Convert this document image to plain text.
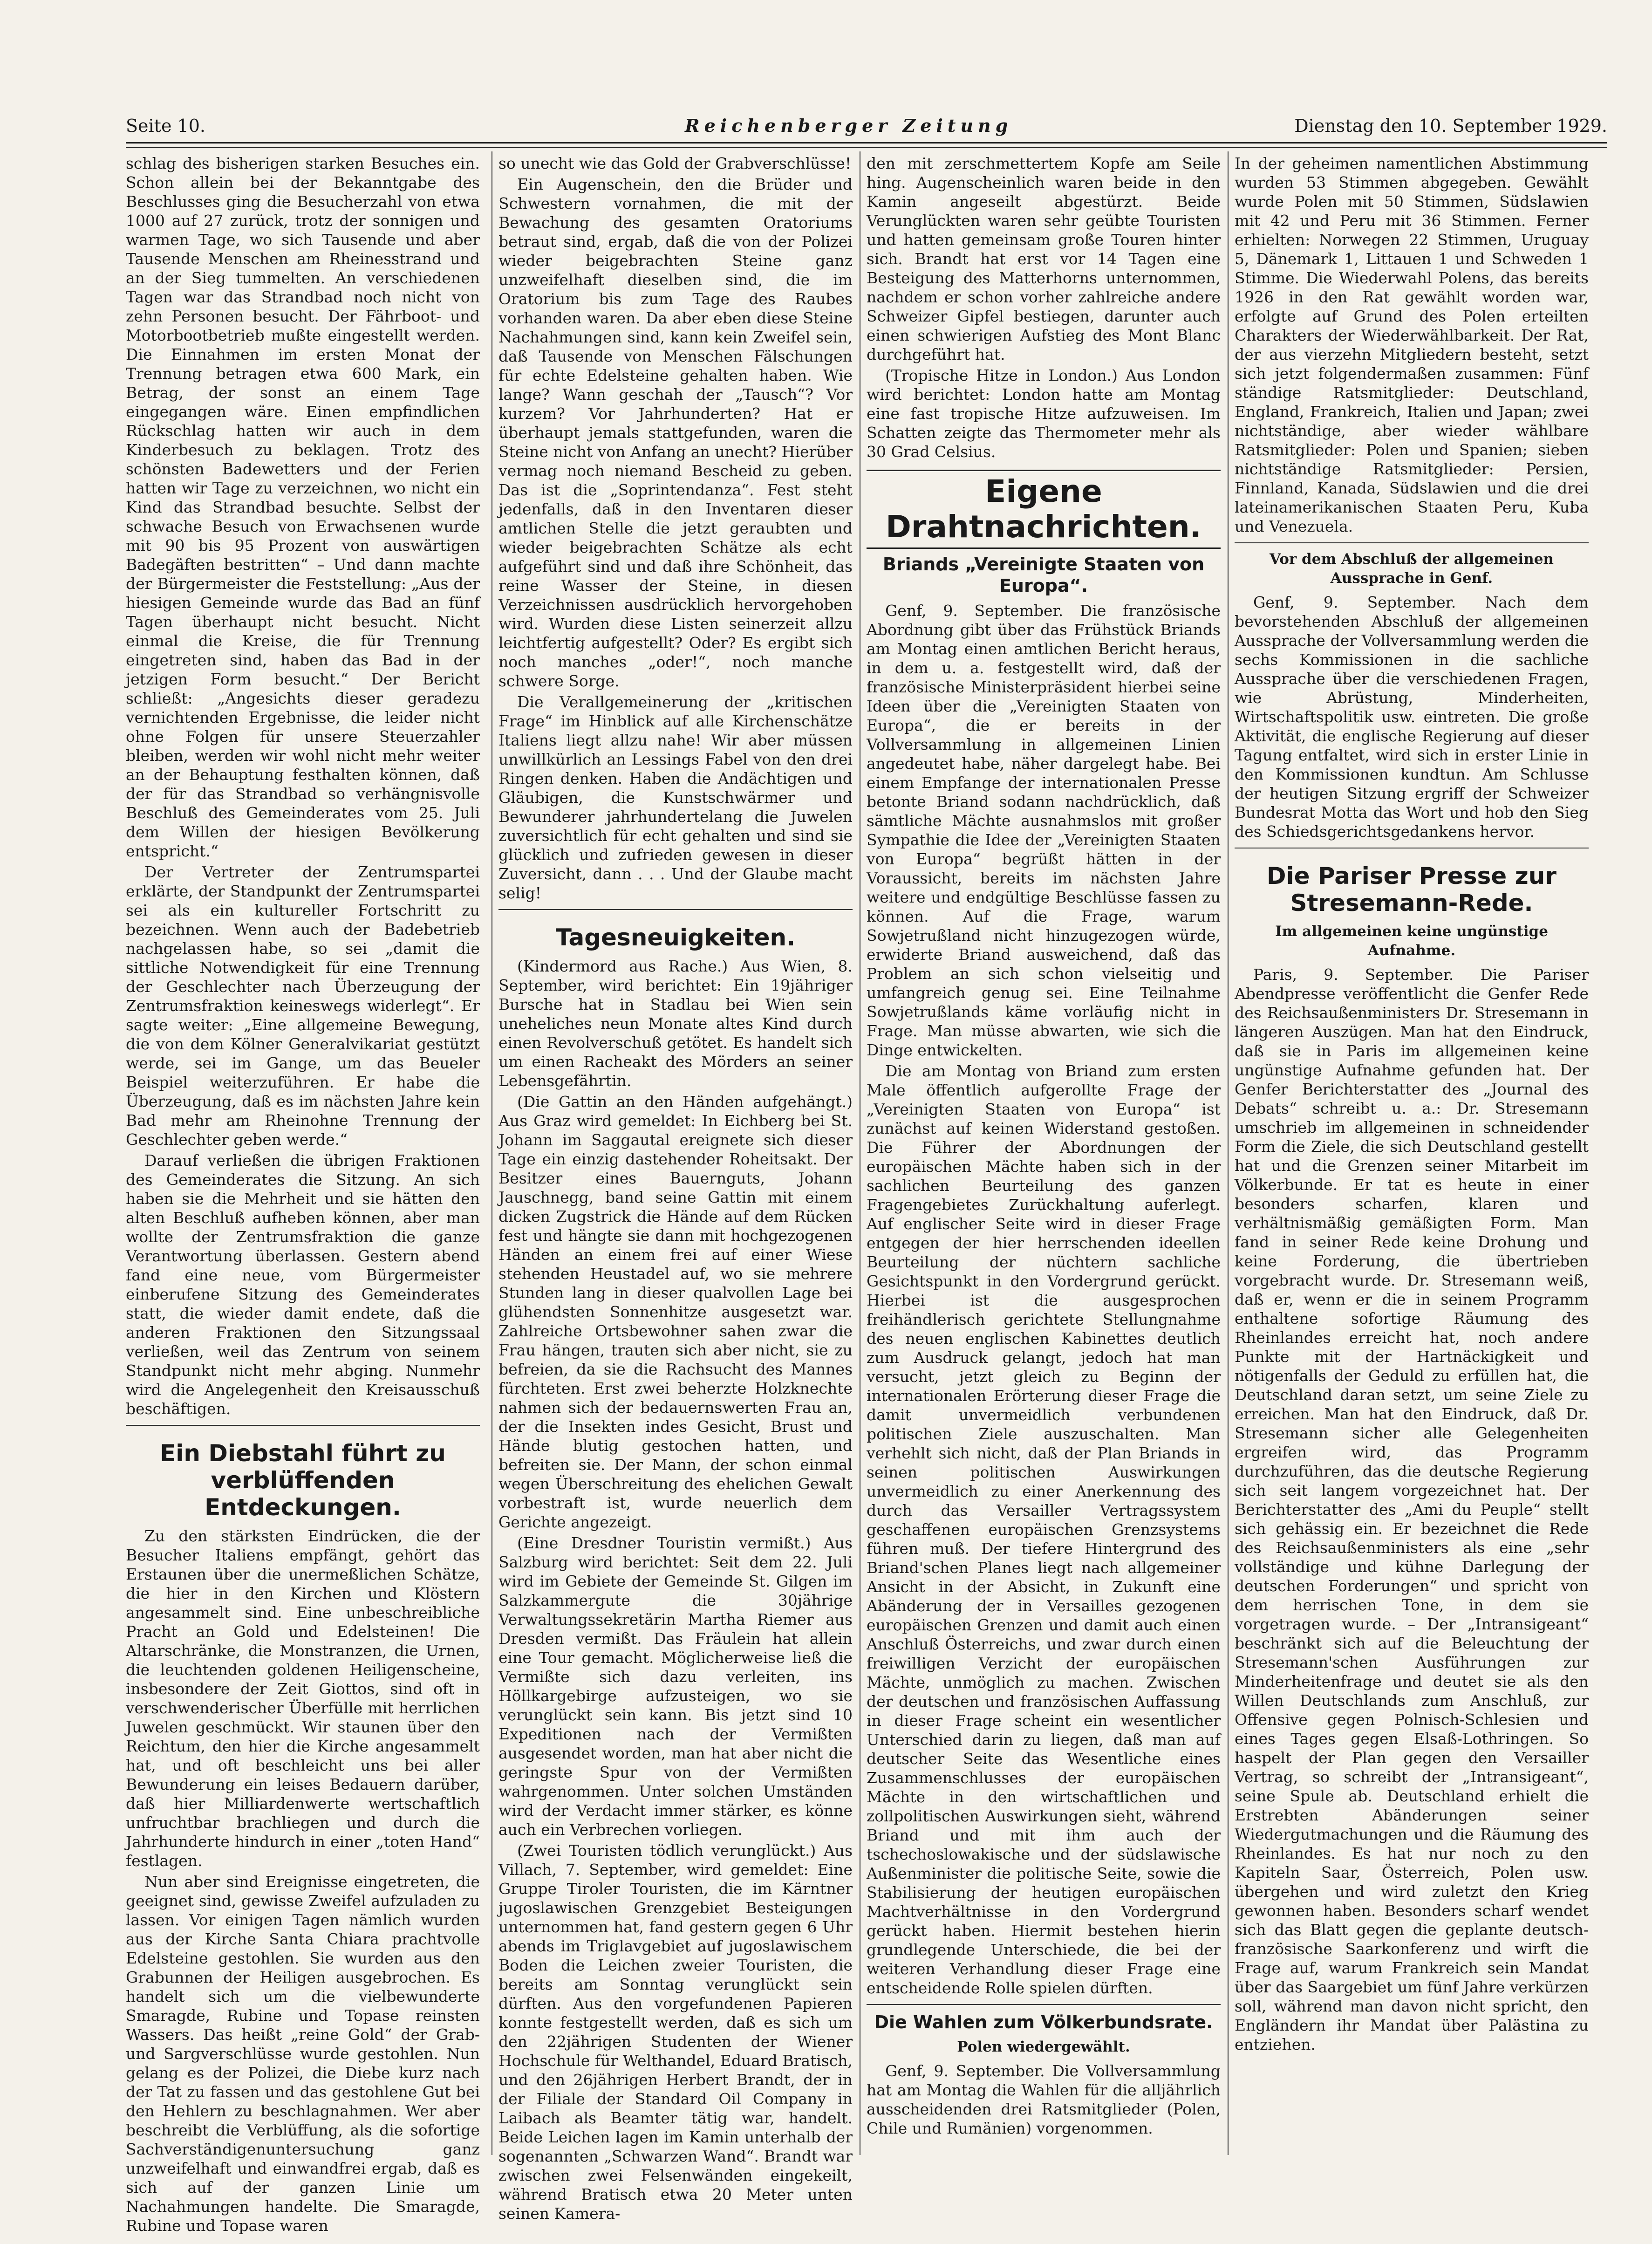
Seite 10.	Reichenberger Zeitung	Dienstag den 10. September 1929.

schlag des bisherigen starken Besuches ein. Schon allein bei der Bekanntgabe des Beschlusses ging die Besucherzahl von etwa 1000 auf 27 zurück, trotz der sonnigen und warmen Tage, wo sich Tausende und aber Tausende Menschen am Rheinesstrand und an der Sieg tummelten. An verschiedenen Tagen war das Strandbad noch nicht von zehn Personen besucht. Der Fährboot- und Motorbootbetrieb mußte eingestellt werden. Die Einnahmen im ersten Monat der Trennung betragen etwa 600 Mark, ein Betrag, der sonst an einem Tage eingegangen wäre. Einen empfindlichen Rückschlag hatten wir auch in dem Kinderbesuch zu beklagen. Trotz des schönsten Badewetters und der Ferien hatten wir Tage zu verzeichnen, wo nicht ein Kind das Strandbad besuchte. Selbst der schwache Besuch von Erwachsenen wurde mit 90 bis 95 Prozent von auswärtigen Badegäften bestritten“ – Und dann machte der Bürgermeister die Feststellung: „Aus der hiesigen Gemeinde wurde das Bad an fünf Tagen überhaupt nicht besucht. Nicht einmal die Kreise, die für Trennung eingetreten sind, haben das Bad in der jetzigen Form besucht.“ Der Bericht schließt: „Angesichts dieser geradezu vernichtenden Ergebnisse, die leider nicht ohne Folgen für unsere Steuerzahler bleiben, werden wir wohl nicht mehr weiter an der Behauptung festhalten können, daß der für das Strandbad so verhängnisvolle Beschluß des Gemeinderates vom 25. Juli dem Willen der hiesigen Bevölkerung entspricht.“

Der Vertreter der Zentrumspartei erklärte, der Standpunkt der Zentrumspartei sei als ein kultureller Fortschritt zu bezeichnen. Wenn auch der Badebetrieb nachgelassen habe, so sei „damit die sittliche Notwendigkeit für eine Trennung der Geschlechter nach Überzeugung der Zentrumsfraktion keineswegs widerlegt“. Er sagte weiter: „Eine allgemeine Bewegung, die von dem Kölner Generalvikariat gestützt werde, sei im Gange, um das Beueler Beispiel weiterzuführen. Er habe die Überzeugung, daß es im nächsten Jahre kein Bad mehr am Rheinohne Trennung der Geschlechter geben werde.“

Darauf verließen die übrigen Fraktionen des Gemeinderates die Sitzung. An sich haben sie die Mehrheit und sie hätten den alten Beschluß aufheben können, aber man wollte der Zentrumsfraktion die ganze Verantwortung überlassen. Gestern abend fand eine neue, vom Bürgermeister einberufene Sitzung des Gemeinderates statt, die wieder damit endete, daß die anderen Fraktionen den Sitzungssaal verließen, weil das Zentrum von seinem Standpunkt nicht mehr abging. Nunmehr wird die Angelegenheit den Kreisausschuß beschäftigen.

Ein Diebstahl führt zu verblüffenden Entdeckungen.

Zu den stärksten Eindrücken, die der Besucher Italiens empfängt, gehört das Erstaunen über die unermeßlichen Schätze, die hier in den Kirchen und Klöstern angesammelt sind. Eine unbeschreibliche Pracht an Gold und Edelsteinen! Die Altarschränke, die Monstranzen, die Urnen, die leuchtenden goldenen Heiligenscheine, insbesondere der Zeit Giottos, sind oft in verschwenderischer Überfülle mit herrlichen Juwelen geschmückt. Wir staunen über den Reichtum, den hier die Kirche angesammelt hat, und oft beschleicht uns bei aller Bewunderung ein leises Bedauern darüber, daß hier Milliardenwerte wertschaftlich unfruchtbar brachliegen und durch die Jahrhunderte hindurch in einer „toten Hand“ festlagen.

Nun aber sind Ereignisse eingetreten, die geeignet sind, gewisse Zweifel aufzuladen zu lassen. Vor einigen Tagen nämlich wurden aus der Kirche Santa Chiara prachtvolle Edelsteine gestohlen. Sie wurden aus den Grabunnen der Heiligen ausgebrochen. Es handelt sich um die vielbewunderte Smaragde, Rubine und Topase reinsten Wassers. Das heißt „reine Gold“ der Grab- und Sargverschlüsse wurde gestohlen. Nun gelang es der Polizei, die Diebe kurz nach der Tat zu fassen und das gestohlene Gut bei den Hehlern zu beschlagnahmen. Wer aber beschreibt die Verblüffung, als die sofortige Sachverständigenuntersuchung ganz unzweifelhaft und einwandfrei ergab, daß es sich auf der ganzen Linie um Nachahmungen handelte. Die Smaragde, Rubine und Topase waren

so unecht wie das Gold der Grabverschlüsse!

Ein Augenschein, den die Brüder und Schwestern vornahmen, die mit der Bewachung des gesamten Oratoriums betraut sind, ergab, daß die von der Polizei wieder beigebrachten Steine ganz unzweifelhaft dieselben sind, die im Oratorium bis zum Tage des Raubes vorhanden waren. Da aber eben diese Steine Nachahmungen sind, kann kein Zweifel sein, daß Tausende von Menschen Fälschungen für echte Edelsteine gehalten haben. Wie lange? Wann geschah der „Tausch“? Vor kurzem? Vor Jahrhunderten? Hat er überhaupt jemals stattgefunden, waren die Steine nicht von Anfang an unecht? Hierüber vermag noch niemand Bescheid zu geben. Das ist die „Soprintendanza“. Fest steht jedenfalls, daß in den Inventaren dieser amtlichen Stelle die jetzt geraubten und wieder beigebrachten Schätze als echt aufgeführt sind und daß ihre Schönheit, das reine Wasser der Steine, in diesen Verzeichnissen ausdrücklich hervorgehoben wird. Wurden diese Listen seinerzeit allzu leichtfertig aufgestellt? Oder? Es ergibt sich noch manches „oder!“, noch manche schwere Sorge.

Die Verallgemeinerung der „kritischen Frage“ im Hinblick auf alle Kirchenschätze Italiens liegt allzu nahe! Wir aber müssen unwillkürlich an Lessings Fabel von den drei Ringen denken. Haben die Andächtigen und Gläubigen, die Kunstschwärmer und Bewunderer jahrhundertelang die Juwelen zuversichtlich für echt gehalten und sind sie glücklich und zufrieden gewesen in dieser Zuversicht, dann . . . Und der Glaube macht selig!

Tagesneuigkeiten.

(Kindermord aus Rache.) Aus Wien, 8. September, wird berichtet: Ein 19jähriger Bursche hat in Stadlau bei Wien sein uneheliches neun Monate altes Kind durch einen Revolverschuß getötet. Es handelt sich um einen Racheakt des Mörders an seiner Lebensgefährtin.

(Die Gattin an den Händen aufgehängt.) Aus Graz wird gemeldet: In Eichberg bei St. Johann im Saggautal ereignete sich dieser Tage ein einzig dastehender Roheitsakt. Der Besitzer eines Bauernguts, Johann Jauschnegg, band seine Gattin mit einem dicken Zugstrick die Hände auf dem Rücken fest und hängte sie dann mit hochgezogenen Händen an einem frei auf einer Wiese stehenden Heustadel auf, wo sie mehrere Stunden lang in dieser qualvollen Lage bei glühendsten Sonnenhitze ausgesetzt war. Zahlreiche Ortsbewohner sahen zwar die Frau hängen, trauten sich aber nicht, sie zu befreien, da sie die Rachsucht des Mannes fürchteten. Erst zwei beherzte Holzknechte nahmen sich der bedauernswerten Frau an, der die Insekten indes Gesicht, Brust und Hände blutig gestochen hatten, und befreiten sie. Der Mann, der schon einmal wegen Überschreitung des ehelichen Gewalt vorbestraft ist, wurde neuerlich dem Gerichte angezeigt.

(Eine Dresdner Touristin vermißt.) Aus Salzburg wird berichtet: Seit dem 22. Juli wird im Gebiete der Gemeinde St. Gilgen im Salzkammergute die 30jährige Verwaltungssekretärin Martha Riemer aus Dresden vermißt. Das Fräulein hat allein eine Tour gemacht. Möglicherweise ließ die Vermißte sich dazu verleiten, ins Höllkargebirge aufzusteigen, wo sie verunglückt sein kann. Bis jetzt sind 10 Expeditionen nach der Vermißten ausgesendet worden, man hat aber nicht die geringste Spur von der Vermißten wahrgenommen. Unter solchen Umständen wird der Verdacht immer stärker, es könne auch ein Verbrechen vorliegen.

(Zwei Touristen tödlich verunglückt.) Aus Villach, 7. September, wird gemeldet: Eine Gruppe Tiroler Touristen, die im Kärntner jugoslawischen Grenzgebiet Besteigungen unternommen hat, fand gestern gegen 6 Uhr abends im Triglavgebiet auf jugoslawischem Boden die Leichen zweier Touristen, die bereits am Sonntag verunglückt sein dürften. Aus den vorgefundenen Papieren konnte festgestellt werden, daß es sich um den 22jährigen Studenten der Wiener Hochschule für Welthandel, Eduard Bratisch, und den 26jährigen Herbert Brandt, der in der Filiale der Standard Oil Company in Laibach als Beamter tätig war, handelt. Beide Leichen lagen im Kamin unterhalb der sogenannten „Schwarzen Wand“. Brandt war zwischen zwei Felsenwänden eingekeilt, während Bratisch etwa 20 Meter unten seinen Kamera-

den mit zerschmettertem Kopfe am Seile hing. Augenscheinlich waren beide in den Kamin angeseilt abgestürzt. Beide Verunglückten waren sehr geübte Touristen und hatten gemeinsam große Touren hinter sich. Brandt hat erst vor 14 Tagen eine Besteigung des Matterhorns unternommen, nachdem er schon vorher zahlreiche andere Schweizer Gipfel bestiegen, darunter auch einen schwierigen Aufstieg des Mont Blanc durchgeführt hat.

(Tropische Hitze in London.) Aus London wird berichtet: London hatte am Montag eine fast tropische Hitze aufzuweisen. Im Schatten zeigte das Thermometer mehr als 30 Grad Celsius.

Eigene Drahtnachrichten.
Briands „Vereinigte Staaten von Europa“.

Genf, 9. September. Die französische Abordnung gibt über das Frühstück Briands am Montag einen amtlichen Bericht heraus, in dem u. a. festgestellt wird, daß der französische Ministerpräsident hierbei seine Ideen über die „Vereinigten Staaten von Europa“, die er bereits in der Vollversammlung in allgemeinen Linien angedeutet habe, näher dargelegt habe. Bei einem Empfange der internationalen Presse betonte Briand sodann nachdrücklich, daß sämtliche Mächte ausnahmslos mit großer Sympathie die Idee der „Vereinigten Staaten von Europa“ begrüßt hätten in der Voraussicht, bereits im nächsten Jahre weitere und endgültige Beschlüsse fassen zu können. Auf die Frage, warum Sowjetrußland nicht hinzugezogen würde, erwiderte Briand ausweichend, daß das Problem an sich schon vielseitig und umfangreich genug sei. Eine Teilnahme Sowjetrußlands käme vorläufig nicht in Frage. Man müsse abwarten, wie sich die Dinge entwickelten.

Die am Montag von Briand zum ersten Male öffentlich aufgerollte Frage der „Vereinigten Staaten von Europa“ ist zunächst auf keinen Widerstand gestoßen. Die Führer der Abordnungen der europäischen Mächte haben sich in der sachlichen Beurteilung des ganzen Fragengebietes Zurückhaltung auferlegt. Auf englischer Seite wird in dieser Frage entgegen der hier herrschenden ideellen Beurteilung der nüchtern sachliche Gesichtspunkt in den Vordergrund gerückt. Hierbei ist die ausgesprochen freihändlerisch gerichtete Stellungnahme des neuen englischen Kabinettes deutlich zum Ausdruck gelangt, jedoch hat man versucht, jetzt gleich zu Beginn der internationalen Erörterung dieser Frage die damit unvermeidlich verbundenen politischen Ziele auszuschalten. Man verhehlt sich nicht, daß der Plan Briands in seinen politischen Auswirkungen unvermeidlich zu einer Anerkennung des durch das Versailler Vertragssystem geschaffenen europäischen Grenzsystems führen muß. Der tiefere Hintergrund des Briand'schen Planes liegt nach allgemeiner Ansicht in der Absicht, in Zukunft eine Abänderung der in Versailles gezogenen europäischen Grenzen und damit auch einen Anschluß Österreichs, und zwar durch einen freiwilligen Verzicht der europäischen Mächte, unmöglich zu machen. Zwischen der deutschen und französischen Auffassung in dieser Frage scheint ein wesentlicher Unterschied darin zu liegen, daß man auf deutscher Seite das Wesentliche eines Zusammenschlusses der europäischen Mächte in den wirtschaftlichen und zollpolitischen Auswirkungen sieht, während Briand und mit ihm auch der tschechoslowakische und der südslawische Außenminister die politische Seite, sowie die Stabilisierung der heutigen europäischen Machtverhältnisse in den Vordergrund gerückt haben. Hiermit bestehen hierin grundlegende Unterschiede, die bei der weiteren Verhandlung dieser Frage eine entscheidende Rolle spielen dürften.

Die Wahlen zum Völkerbundsrate.
Polen wiedergewählt.

Genf, 9. September. Die Vollversammlung hat am Montag die Wahlen für die alljährlich ausscheidenden drei Ratsmitglieder (Polen, Chile und Rumänien) vorgenommen.

In der geheimen namentlichen Abstimmung wurden 53 Stimmen abgegeben. Gewählt wurde Polen mit 50 Stimmen, Südslawien mit 42 und Peru mit 36 Stimmen. Ferner erhielten: Norwegen 22 Stimmen, Uruguay 5, Dänemark 1, Littauen 1 und Schweden 1 Stimme. Die Wiederwahl Polens, das bereits 1926 in den Rat gewählt worden war, erfolgte auf Grund des Polen erteilten Charakters der Wiederwählbarkeit. Der Rat, der aus vierzehn Mitgliedern besteht, setzt sich jetzt folgendermaßen zusammen: Fünf ständige Ratsmitglieder: Deutschland, England, Frankreich, Italien und Japan; zwei nichtständige, aber wieder wählbare Ratsmitglieder: Polen und Spanien; sieben nichtständige Ratsmitglieder: Persien, Finnland, Kanada, Südslawien und die drei lateinamerikanischen Staaten Peru, Kuba und Venezuela.

Vor dem Abschluß der allgemeinen Aussprache in Genf.

Genf, 9. September. Nach dem bevorstehenden Abschluß der allgemeinen Aussprache der Vollversammlung werden die sechs Kommissionen in die sachliche Aussprache über die verschiedenen Fragen, wie Abrüstung, Minderheiten, Wirtschaftspolitik usw. eintreten. Die große Aktivität, die englische Regierung auf dieser Tagung entfaltet, wird sich in erster Linie in den Kommissionen kundtun. Am Schlusse der heutigen Sitzung ergriff der Schweizer Bundesrat Motta das Wort und hob den Sieg des Schiedsgerichtsgedankens hervor.

Die Pariser Presse zur Stresemann-Rede.
Im allgemeinen keine ungünstige Aufnahme.

Paris, 9. September. Die Pariser Abendpresse veröffentlicht die Genfer Rede des Reichsaußenministers Dr. Stresemann in längeren Auszügen. Man hat den Eindruck, daß sie in Paris im allgemeinen keine ungünstige Aufnahme gefunden hat. Der Genfer Berichterstatter des „Journal des Debats“ schreibt u. a.: Dr. Stresemann umschrieb im allgemeinen in schneidender Form die Ziele, die sich Deutschland gestellt hat und die Grenzen seiner Mitarbeit im Völkerbunde. Er tat es heute in einer besonders scharfen, klaren und verhältnismäßig gemäßigten Form. Man fand in seiner Rede keine Drohung und keine Forderung, die übertrieben vorgebracht wurde. Dr. Stresemann weiß, daß er, wenn er die in seinem Programm enthaltene sofortige Räumung des Rheinlandes erreicht hat, noch andere Punkte mit der Hartnäckigkeit und nötigenfalls der Geduld zu erfüllen hat, die Deutschland daran setzt, um seine Ziele zu erreichen. Man hat den Eindruck, daß Dr. Stresemann sicher alle Gelegenheiten ergreifen wird, das Programm durchzuführen, das die deutsche Regierung sich seit langem vorgezeichnet hat. Der Berichterstatter des „Ami du Peuple“ stellt sich gehässig ein. Er bezeichnet die Rede des Reichsaußenministers als eine „sehr vollständige und kühne Darlegung der deutschen Forderungen“ und spricht von dem herrischen Tone, in dem sie vorgetragen wurde. – Der „Intransigeant“ beschränkt sich auf die Beleuchtung der Stresemann'schen Ausführungen zur Minderheitenfrage und deutet sie als den Willen Deutschlands zum Anschluß, zur Offensive gegen Polnisch-Schlesien und eines Tages gegen Elsaß-Lothringen. So haspelt der Plan gegen den Versailler Vertrag, so schreibt der „Intransigeant“, seine Spule ab. Deutschland erhielt die Erstrebten Abänderungen seiner Wiedergutmachungen und die Räumung des Rheinlandes. Es hat nur noch zu den Kapiteln Saar, Österreich, Polen usw. übergehen und wird zuletzt den Krieg gewonnen haben. Besonders scharf wendet sich das Blatt gegen die geplante deutsch-französische Saarkonferenz und wirft die Frage auf, warum Frankreich sein Mandat über das Saargebiet um fünf Jahre verkürzen soll, während man davon nicht spricht, den Engländern ihr Mandat über Palästina zu entziehen.
